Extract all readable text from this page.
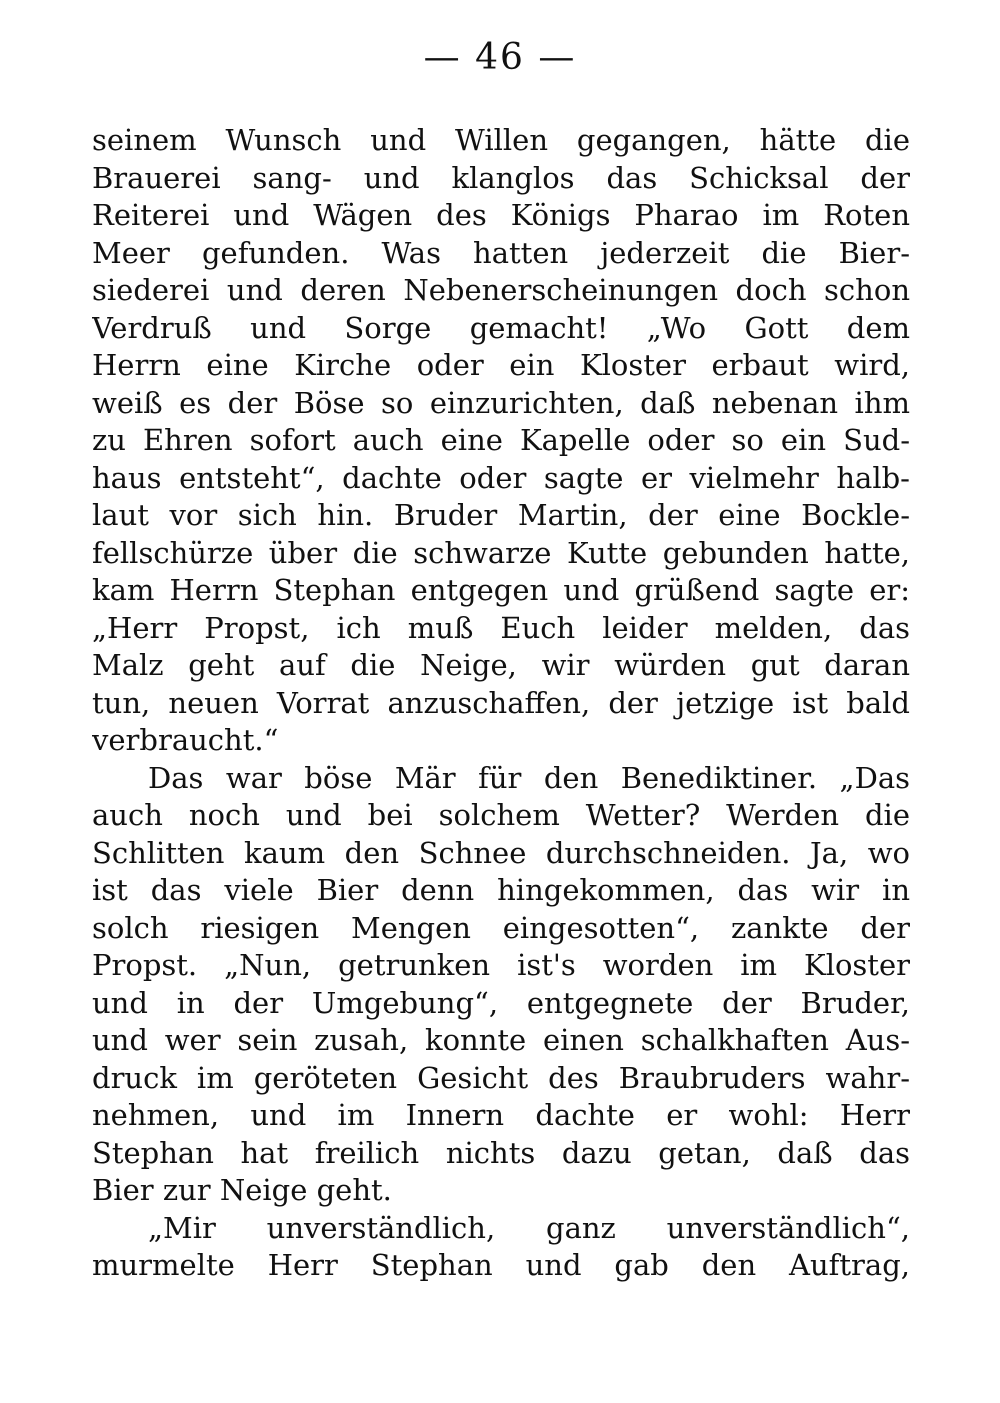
— 46 —
seinem Wunsch und Willen gegangen, hätte die
Brauerei sang- und klanglos das Schicksal der
Reiterei und Wägen des Königs Pharao im Roten
Meer gefunden. Was hatten jederzeit die Bier-
siederei und deren Nebenerscheinungen doch schon
Verdruß und Sorge gemacht! „Wo Gott dem
Herrn eine Kirche oder ein Kloster erbaut wird,
weiß es der Böse so einzurichten, daß nebenan ihm
zu Ehren sofort auch eine Kapelle oder so ein Sud-
haus entsteht“, dachte oder sagte er vielmehr halb-
laut vor sich hin. Bruder Martin, der eine Bockle-
fellschürze über die schwarze Kutte gebunden hatte,
kam Herrn Stephan entgegen und grüßend sagte er:
„Herr Propst, ich muß Euch leider melden, das
Malz geht auf die Neige, wir würden gut daran
tun, neuen Vorrat anzuschaffen, der jetzige ist bald
verbraucht.“
Das war böse Mär für den Benediktiner. „Das
auch noch und bei solchem Wetter? Werden die
Schlitten kaum den Schnee durchschneiden. Ja, wo
ist das viele Bier denn hingekommen, das wir in
solch riesigen Mengen eingesotten“, zankte der
Propst. „Nun, getrunken ist's worden im Kloster
und in der Umgebung“, entgegnete der Bruder,
und wer sein zusah, konnte einen schalkhaften Aus-
druck im geröteten Gesicht des Braubruders wahr-
nehmen, und im Innern dachte er wohl: Herr
Stephan hat freilich nichts dazu getan, daß das
Bier zur Neige geht.
„Mir unverständlich, ganz unverständlich“,
murmelte Herr Stephan und gab den Auftrag,
